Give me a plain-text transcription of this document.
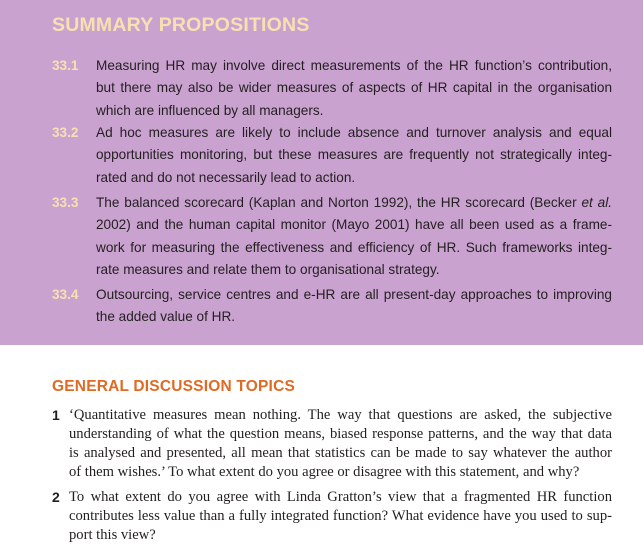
SUMMARY PROPOSITIONS
33.1 Measuring HR may involve direct measurements of the HR function’s contribution,
but there may also be wider measures of aspects of HR capital in the organisation
which are influenced by all managers.
33.2 Ad hoc measures are likely to include absence and turnover analysis and equal
opportunities monitoring, but these measures are frequently not strategically integ-
rated and do not necessarily lead to action.
33.3 The balanced scorecard (Kaplan and Norton 1992), the HR scorecard (Becker et al.
2002) and the human capital monitor (Mayo 2001) have all been used as a frame-
work for measuring the effectiveness and efficiency of HR. Such frameworks integ-
rate measures and relate them to organisational strategy.
33.4 Outsourcing, service centres and e-HR are all present-day approaches to improving
the added value of HR.
GENERAL DISCUSSION TOPICS
1 ‘Quantitative measures mean nothing. The way that questions are asked, the subjective
understanding of what the question means, biased response patterns, and the way that data
is analysed and presented, all mean that statistics can be made to say whatever the author
of them wishes.’ To what extent do you agree or disagree with this statement, and why?
2 To what extent do you agree with Linda Gratton’s view that a fragmented HR function
contributes less value than a fully integrated function? What evidence have you used to sup-
port this view?
